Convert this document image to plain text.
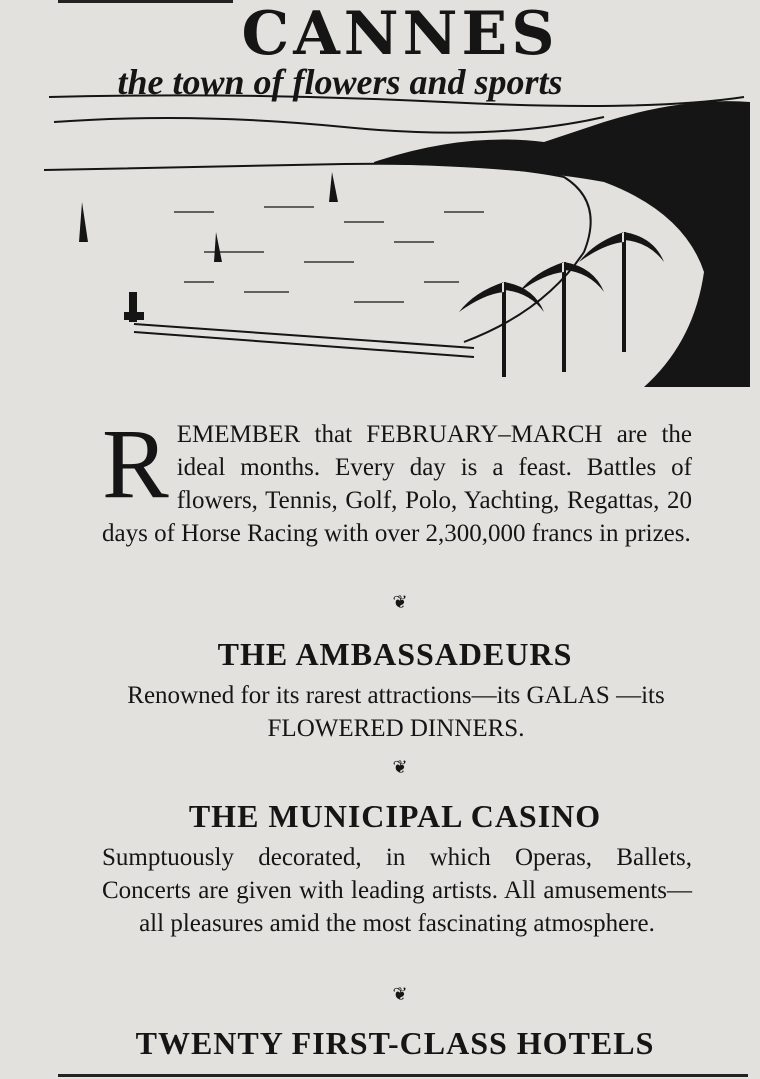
CANNES
the town of flowers and sports
R EMEMBER that FEBRUARY–MARCH are the ideal months. Every day is a feast. Battles of flowers, Tennis, Golf, Polo, Yachting, Regattas, 20 days of Horse Racing with over 2,300,000 francs in prizes.
❦
THE AMBASSADEURS
Renowned for its rarest attractions—its GALAS —its FLOWERED DINNERS.
❦
THE MUNICIPAL CASINO
Sumptuously decorated, in which Operas, Ballets, Concerts are given with leading artists. All amusements—all pleasures amid the most fascinating atmosphere.
❦
TWENTY FIRST-CLASS HOTELS
